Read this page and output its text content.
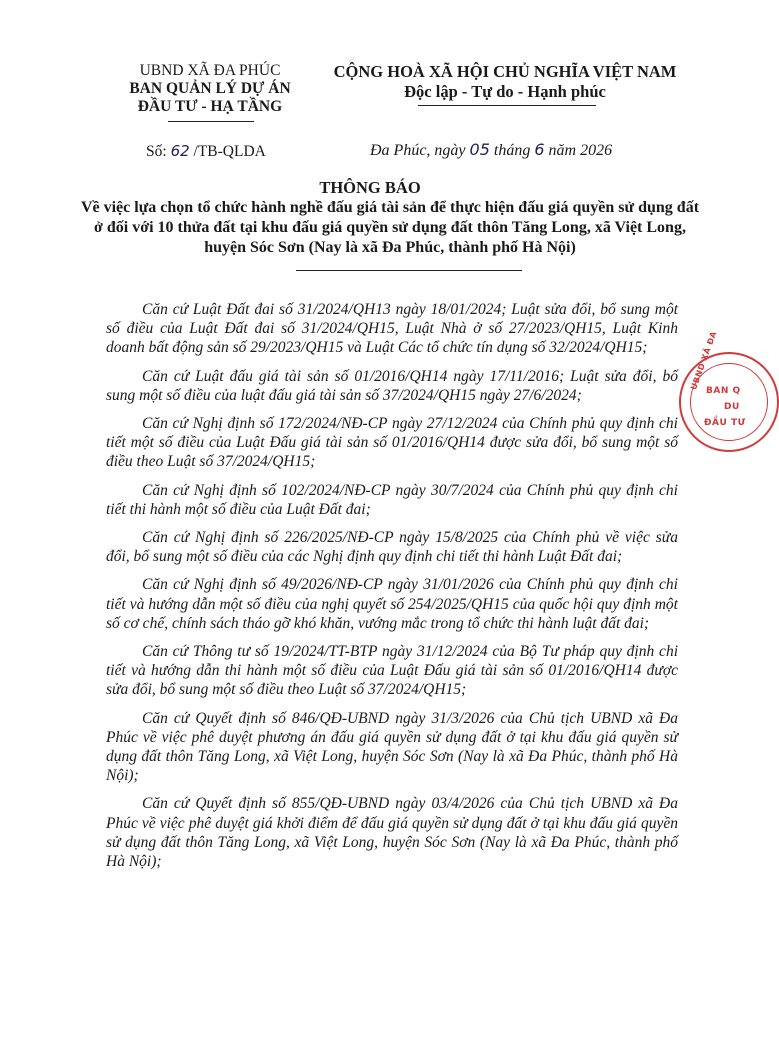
UBND XÃ ĐA PHÚC
BAN QUẢN LÝ DỰ ÁN
ĐẦU TƯ - HẠ TẦNG
CỘNG HOÀ XÃ HỘI CHỦ NGHĨA VIỆT NAM
Độc lập - Tự do - Hạnh phúc
Số: 62 /TB-QLDA	Đa Phúc, ngày 05 tháng 6 năm 2026
THÔNG BÁO
Về việc lựa chọn tổ chức hành nghề đấu giá tài sản để thực hiện đấu giá quyền sử dụng đất ở đối với 10 thửa đất tại khu đấu giá quyền sử dụng đất thôn Tăng Long, xã Việt Long, huyện Sóc Sơn (Nay là xã Đa Phúc, thành phố Hà Nội)

Căn cứ Luật Đất đai số 31/2024/QH13 ngày 18/01/2024; Luật sửa đổi, bổ sung một số điều của Luật Đất đai số 31/2024/QH15, Luật Nhà ở số 27/2023/QH15, Luật Kinh doanh bất động sản số 29/2023/QH15 và Luật Các tổ chức tín dụng số 32/2024/QH15;

Căn cứ Luật đấu giá tài sản số 01/2016/QH14 ngày 17/11/2016; Luật sửa đổi, bổ sung một số điều của luật đấu giá tài sản số 37/2024/QH15 ngày 27/6/2024;

Căn cứ Nghị định số 172/2024/NĐ-CP ngày 27/12/2024 của Chính phủ quy định chi tiết một số điều của Luật Đấu giá tài sản số 01/2016/QH14 được sửa đổi, bổ sung một số điều theo Luật số 37/2024/QH15;

Căn cứ Nghị định số 102/2024/NĐ-CP ngày 30/7/2024 của Chính phủ quy định chi tiết thi hành một số điều của Luật Đất đai;

Căn cứ Nghị định số 226/2025/NĐ-CP ngày 15/8/2025 của Chính phủ về việc sửa đổi, bổ sung một số điều của các Nghị định quy định chi tiết thi hành Luật Đất đai;

Căn cứ Nghị định số 49/2026/NĐ-CP ngày 31/01/2026 của Chính phủ quy định chi tiết và hướng dẫn một số điều của nghị quyết số 254/2025/QH15 của quốc hội quy định một số cơ chế, chính sách tháo gỡ khó khăn, vướng mắc trong tổ chức thi hành luật đất đai;

Căn cứ Thông tư số 19/2024/TT-BTP ngày 31/12/2024 của Bộ Tư pháp quy định chi tiết và hướng dẫn thi hành một số điều của Luật Đấu giá tài sản số 01/2016/QH14 được sửa đổi, bổ sung một số điều theo Luật số 37/2024/QH15;

Căn cứ Quyết định số 846/QĐ-UBND ngày 31/3/2026 của Chủ tịch UBND xã Đa Phúc về việc phê duyệt phương án đấu giá quyền sử dụng đất ở tại khu đấu giá quyền sử dụng đất thôn Tăng Long, xã Việt Long, huyện Sóc Sơn (Nay là xã Đa Phúc, thành phố Hà Nội);

Căn cứ Quyết định số 855/QĐ-UBND ngày 03/4/2026 của Chủ tịch UBND xã Đa Phúc về việc phê duyệt giá khởi điểm để đấu giá quyền sử dụng đất ở tại khu đấu giá quyền sử dụng đất thôn Tăng Long, xã Việt Long, huyện Sóc Sơn (Nay là xã Đa Phúc, thành phố Hà Nội);

UBND XÃ ĐA
BAN Q
DU
ĐẦU TƯ
